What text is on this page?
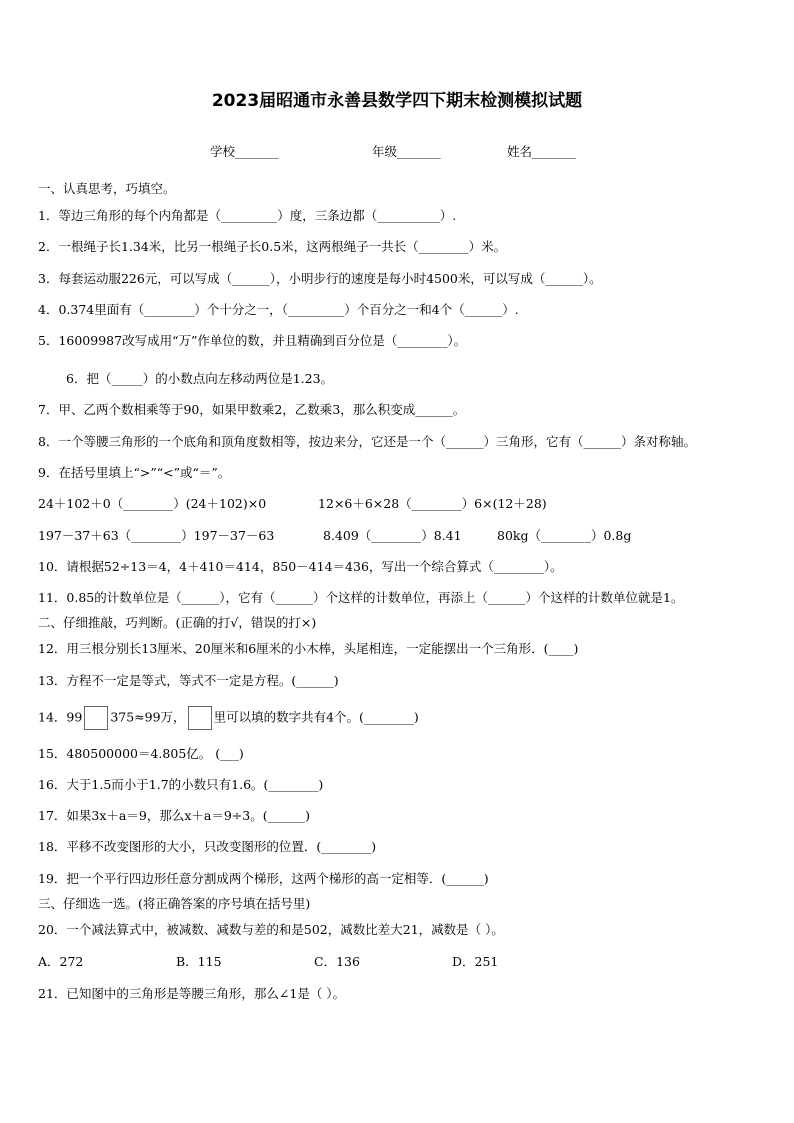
2023届昭通市永善县数学四下期末检测模拟试题
学校_______	年级_______	姓名_______
一、认真思考，巧填空。
1．等边三角形的每个内角都是（_________）度，三条边都（__________）.
2．一根绳子长1.34米，比另一根绳子长0.5米，这两根绳子一共长（________）米。
3．每套运动服226元，可以写成（______），小明步行的速度是每小时4500米，可以写成（______）。
4．0.374里面有（________）个十分之一，（_________）个百分之一和4个（______）.
5．16009987改写成用“万”作单位的数，并且精确到百分位是（________）。
6．把（_____）的小数点向左移动两位是1.23。
7．甲、乙两个数相乘等于90，如果甲数乘2，乙数乘3，那么积变成______。
8．一个等腰三角形的一个底角和顶角度数相等，按边来分，它还是一个（______）三角形，它有（______）条对称轴。
9．在括号里填上“>”“<”或“＝”。
24＋102＋0（________）(24＋102)×0	12×6＋6×28（________）6×(12＋28)
197－37＋63（________）197－37－63	8.409（________）8.41	80kg（________）0.8g
10．请根据52÷13＝4，4＋410＝414，850－414＝436，写出一个综合算式（________）。
11．0.85的计数单位是（______），它有（______）个这样的计数单位，再添上（______）个这样的计数单位就是1。
二、仔细推敲，巧判断。(正确的打√，错误的打×)
12．用三根分别长13厘米、20厘米和6厘米的小木棒，头尾相连，一定能摆出一个三角形．(____)
13．方程不一定是等式，等式不一定是方程。(______)
14．99 375≈99万， 里可以填的数字共有4个。(________)
15．480500000＝4.805亿。 (___)
16．大于1.5而小于1.7的小数只有1.6。(________)
17．如果3x＋a＝9，那么x＋a＝9÷3。(______)
18．平移不改变图形的大小，只改变图形的位置．(________)
19．把一个平行四边形任意分割成两个梯形，这两个梯形的高一定相等．(______)
三、仔细选一选。(将正确答案的序号填在括号里)
20．一个减法算式中，被减数、减数与差的和是502，减数比差大21，减数是（ ）。
A．272	B．115	C．136	D．251
21．已知图中的三角形是等腰三角形，那么∠1是（ ）。
